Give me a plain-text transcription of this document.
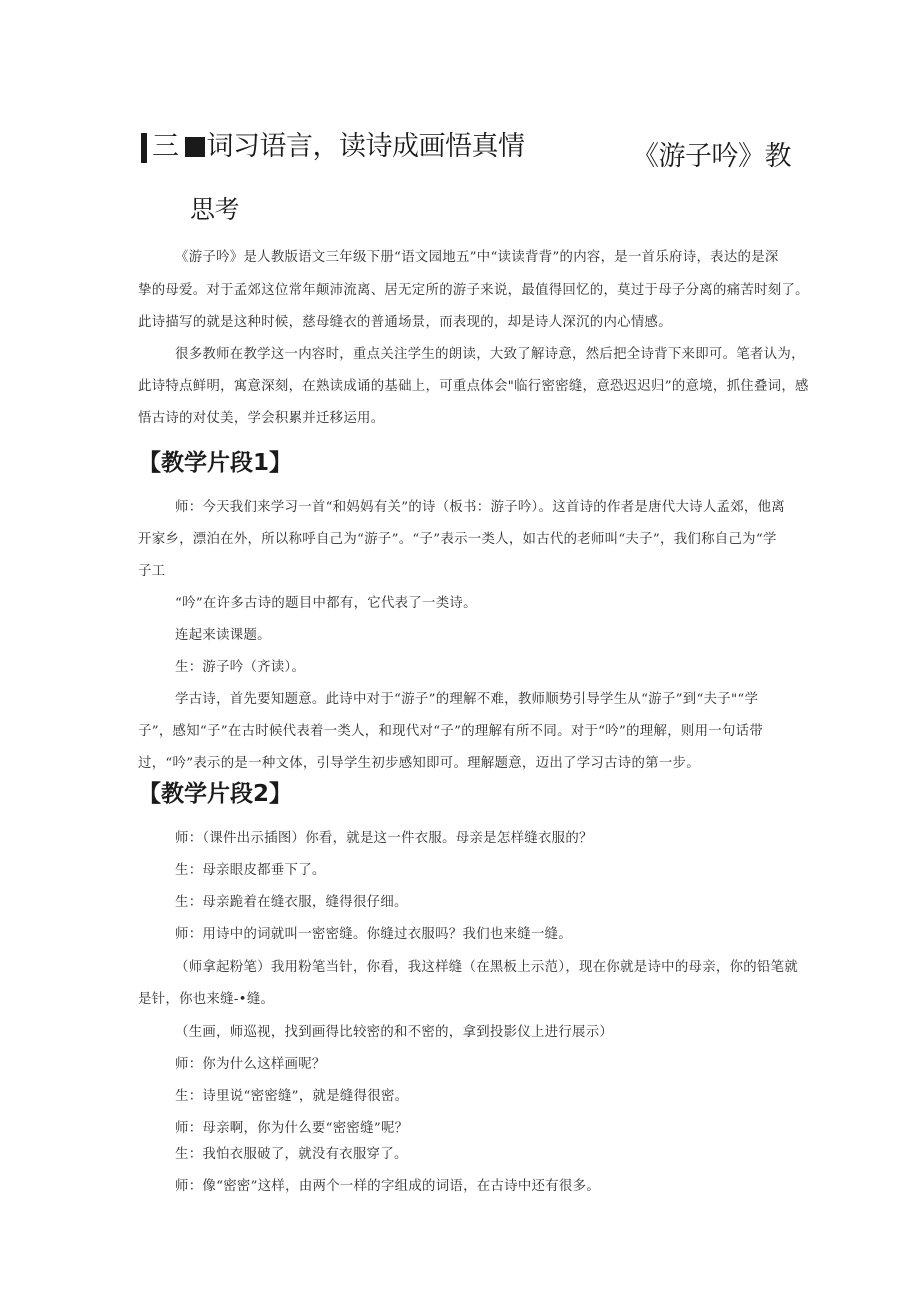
三 词习语言，读诗成画悟真情	《游子吟》教
思考
《游子吟》是人教版语文三年级下册“语文园地五”中“读读背背”的内容，是一首乐府诗，表达的是深
挚的母爱。对于孟郊这位常年颠沛流离、居无定所的游子来说，最值得回忆的，莫过于母子分离的痛苦时刻了。
此诗描写的就是这种时候，慈母缝衣的普通场景，而表现的，却是诗人深沉的内心情感。
很多教师在教学这一内容时，重点关注学生的朗读，大致了解诗意，然后把全诗背下来即可。笔者认为，
此诗特点鲜明，寓意深刻，在熟读成诵的基础上，可重点体会"临行密密缝，意恐迟迟归”的意境，抓住叠词，感
悟古诗的对仗美，学会积累并迁移运用。
【教学片段1】
师：今天我们来学习一首“和妈妈有关”的诗（板书：游子吟）。这首诗的作者是唐代大诗人孟郊，他离
开家乡，漂泊在外，所以称呼自己为“游子”。“子”表示一类人，如古代的老师叫“夫子”，我们称自己为“学
子工
“吟”在许多古诗的题目中都有，它代表了一类诗。
连起来读课题。
生：游子吟（齐读）。
学古诗，首先要知题意。此诗中对于“游子”的理解不难，教师顺势引导学生从“游子”到“夫子"“学
子”，感知“子”在古时候代表着一类人，和现代对“子”的理解有所不同。对于“吟”的理解，则用一句话带
过，“吟”表示的是一种文体，引导学生初步感知即可。理解题意，迈出了学习古诗的第一步。
【教学片段2】
师：（课件出示插图）你看，就是这一件衣服。母亲是怎样缝衣服的？
生：母亲眼皮都垂下了。
生：母亲跪着在缝衣服，缝得很仔细。
师：用诗中的词就叫一密密缝。你缝过衣服吗？我们也来缝一缝。
（师拿起粉笔）我用粉笔当针，你看，我这样缝（在黑板上示范），现在你就是诗中的母亲，你的铅笔就
是针，你也来缝-•缝。
（生画，师巡视，找到画得比较密的和不密的，拿到投影仪上进行展示）
师：你为什么这样画呢？
生：诗里说“密密缝”，就是缝得很密。
师：母亲啊，你为什么要“密密缝”呢？
生：我怕衣服破了，就没有衣服穿了。
师：像“密密”这样，由两个一样的字组成的词语，在古诗中还有很多。
